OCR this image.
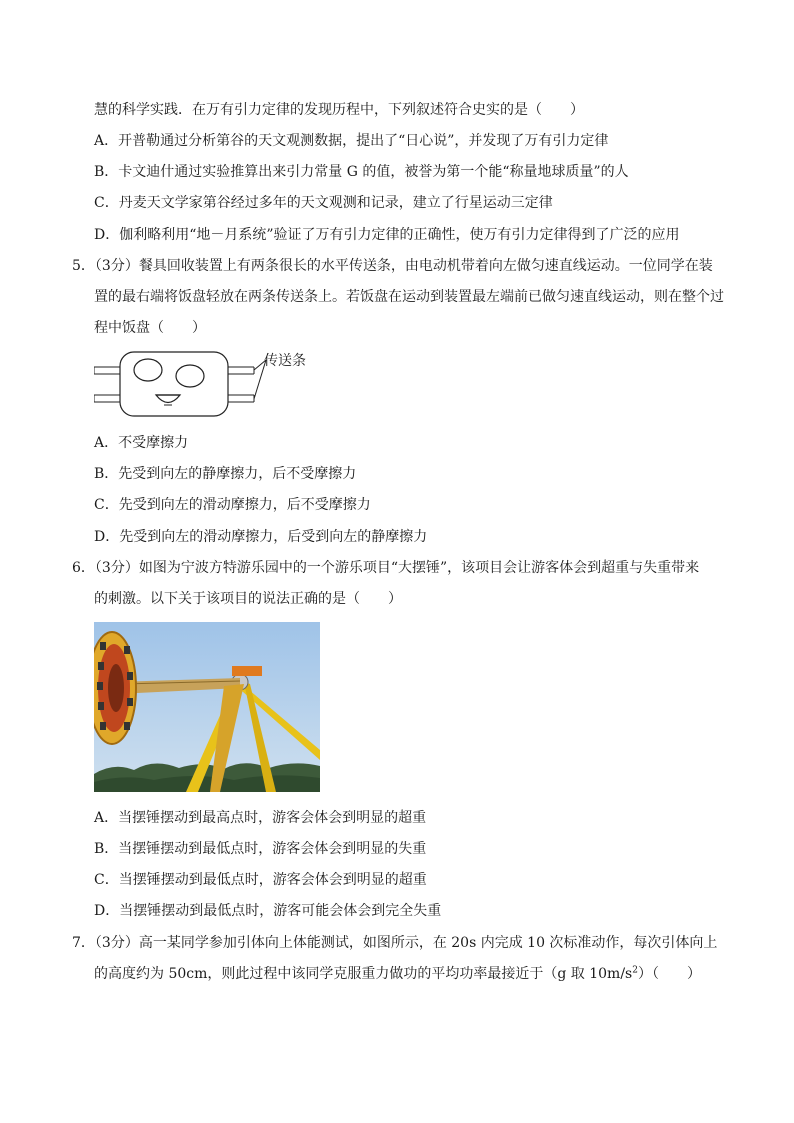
慧的科学实践．在万有引力定律的发现历程中，下列叙述符合史实的是（　　）
A．开普勒通过分析第谷的天文观测数据，提出了“日心说”，并发现了万有引力定律
B．卡文迪什通过实验推算出来引力常量 G 的值，被誉为第一个能“称量地球质量”的人
C．丹麦天文学家第谷经过多年的天文观测和记录，建立了行星运动三定律
D．伽利略利用“地－月系统”验证了万有引力定律的正确性，使万有引力定律得到了广泛的应用
5．（3分）餐具回收装置上有两条很长的水平传送条，由电动机带着向左做匀速直线运动。一位同学在装
置的最右端将饭盘轻放在两条传送条上。若饭盘在运动到装置最左端前已做匀速直线运动，则在整个过
程中饭盘（　　）
传送条
A．不受摩擦力
B．先受到向左的静摩擦力，后不受摩擦力
C．先受到向左的滑动摩擦力，后不受摩擦力
D．先受到向左的滑动摩擦力，后受到向左的静摩擦力
6．（3分）如图为宁波方特游乐园中的一个游乐项目“大摆锤”，该项目会让游客体会到超重与失重带来
的刺激。以下关于该项目的说法正确的是（　　）
A．当摆锤摆动到最高点时，游客会体会到明显的超重
B．当摆锤摆动到最低点时，游客会体会到明显的失重
C．当摆锤摆动到最低点时，游客会体会到明显的超重
D．当摆锤摆动到最低点时，游客可能会体会到完全失重
7．（3分）高一某同学参加引体向上体能测试，如图所示，在 20s 内完成 10 次标准动作，每次引体向上
的高度约为 50cm，则此过程中该同学克服重力做功的平均功率最接近于（g 取 $10m/s^2$）（　　）
